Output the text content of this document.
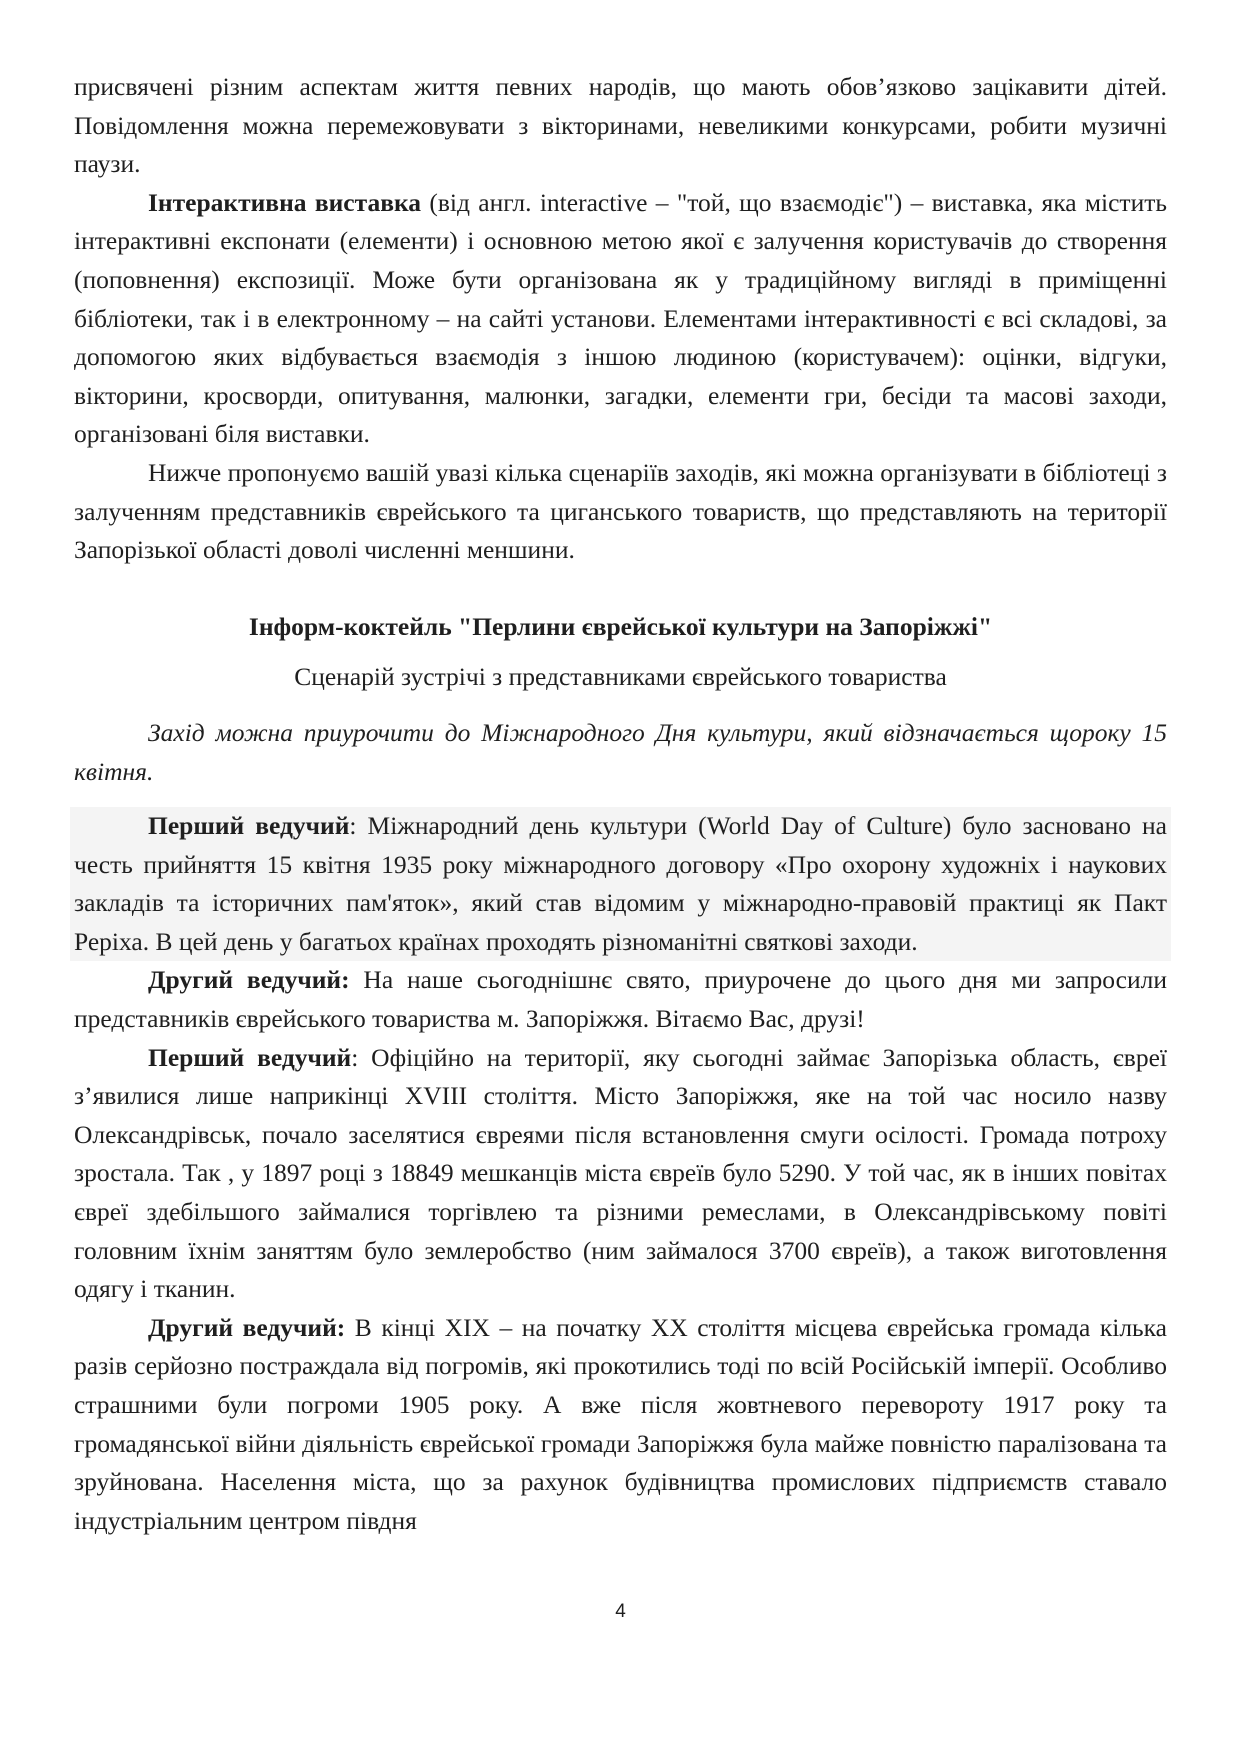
присвячені різним аспектам життя певних народів, що мають обов’язково зацікавити дітей. Повідомлення можна перемежовувати з вікторинами, невеликими конкурсами, робити музичні паузи.

Інтерактивна виставка (від англ. interactive – "той, що взаємодіє") – виставка, яка містить інтерактивні експонати (елементи) і основною метою якої є залучення користувачів до створення (поповнення) експозиції. Може бути організована як у традиційному вигляді в приміщенні бібліотеки, так і в електронному – на сайті установи. Елементами інтерактивності є всі складові, за допомогою яких відбувається взаємодія з іншою людиною (користувачем): оцінки, відгуки, вікторини, кросворди, опитування, малюнки, загадки, елементи гри, бесіди та масові заходи, організовані біля виставки.

Нижче пропонуємо вашій увазі кілька сценаріїв заходів, які можна організувати в бібліотеці з залученням представників єврейського та циганського товариств, що представляють на території Запорізької області доволі численні меншини.

Інформ-коктейль "Перлини єврейської культури на Запоріжжі"

Сценарій зустрічі з представниками єврейського товариства

Захід можна приурочити до Міжнародного Дня культури, який відзначається щороку 15 квітня.

Перший ведучий: Міжнародний день культури (World Day of Culture) було засновано на честь прийняття 15 квітня 1935 року міжнародного договору «Про охорону художніх і наукових закладів та історичних пам'яток», який став відомим у міжнародно-правовій практиці як Пакт Реріха. В цей день у багатьох країнах проходять різноманітні святкові заходи.

Другий ведучий: На наше сьогоднішнє свято, приурочене до цього дня ми запросили представників єврейського товариства м. Запоріжжя. Вітаємо Вас, друзі!

Перший ведучий: Офіційно на території, яку сьогодні займає Запорізька область, євреї з’явилися лише наприкінці XVIII століття. Місто Запоріжжя, яке на той час носило назву Олександрівськ, почало заселятися євреями після встановлення смуги осілості. Громада потроху зростала. Так , у 1897 році з 18849 мешканців міста євреїв було 5290. У той час, як в інших повітах євреї здебільшого займалися торгівлею та різними ремеслами, в Олександрівському повіті головним їхнім заняттям було землеробство (ним займалося 3700 євреїв), а також виготовлення одягу і тканин.

Другий ведучий: В кінці XIX – на початку XX століття місцева єврейська громада кілька разів серйозно постраждала від погромів, які прокотились тоді по всій Російській імперії. Особливо страшними були погроми 1905 року. А вже після жовтневого перевороту 1917 року та громадянської війни діяльність єврейської громади Запоріжжя була майже повністю паралізована та зруйнована. Населення міста, що за рахунок будівництва промислових підприємств ставало індустріальним центром півдня

4
